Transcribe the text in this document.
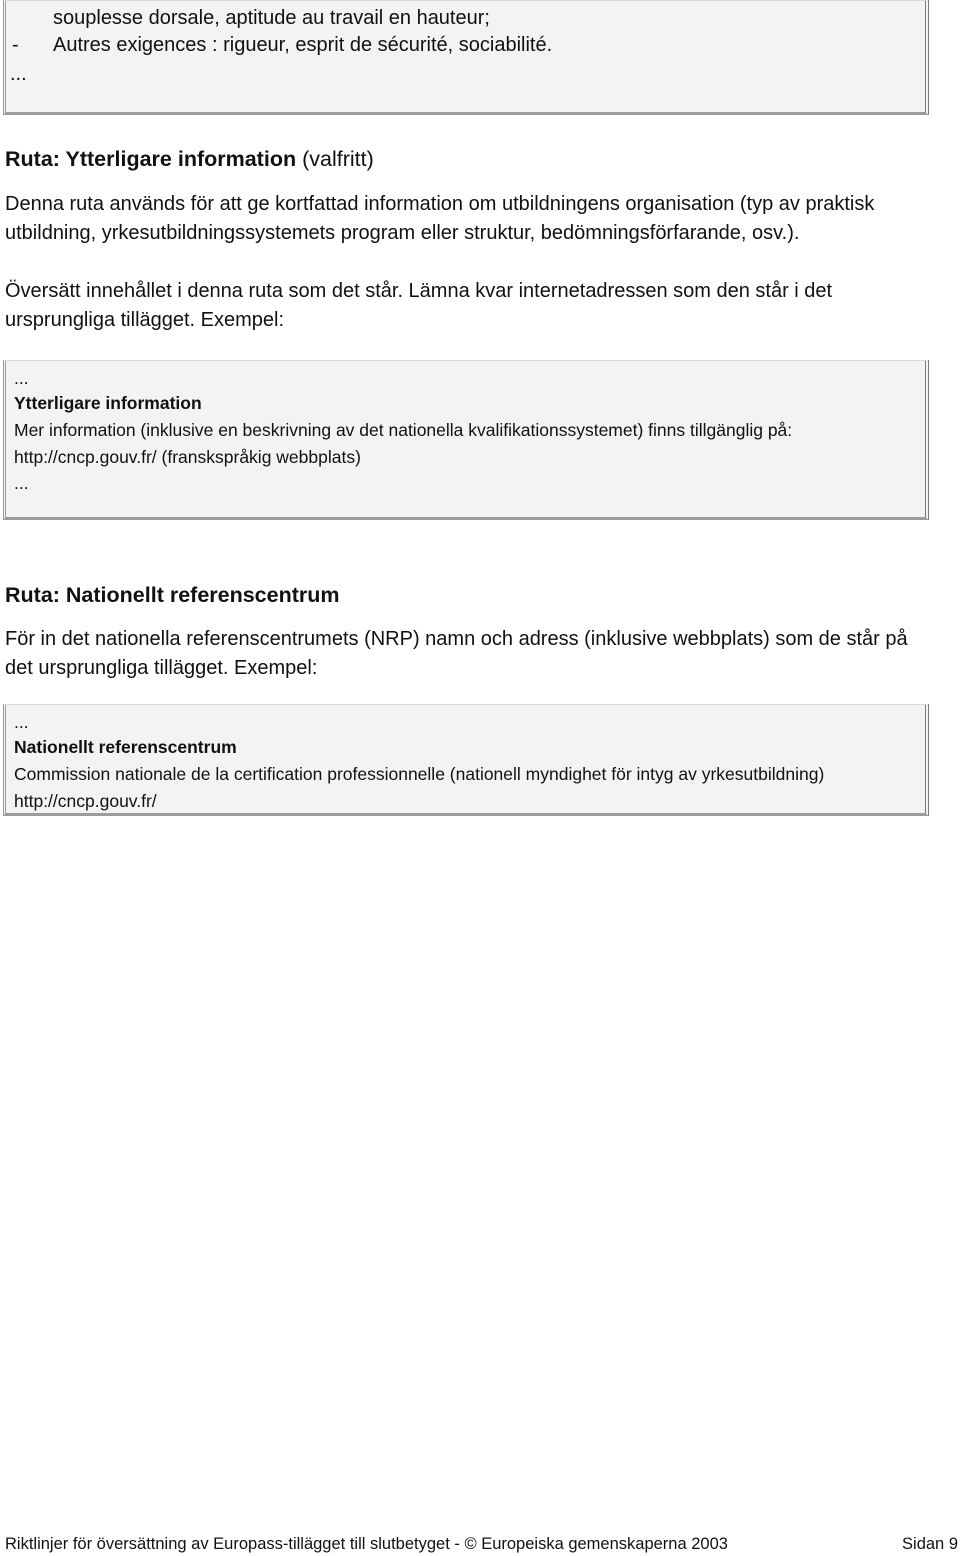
souplesse dorsale, aptitude au travail en hauteur;
- Autres exigences : rigueur, esprit de sécurité, sociabilité.
...
Ruta: Ytterligare information (valfritt)
Denna ruta används för att ge kortfattad information om utbildningens organisation (typ av praktisk
utbildning, yrkesutbildningssystemets program eller struktur, bedömningsförfarande, osv.).
Översätt innehållet i denna ruta som det står. Lämna kvar internetadressen som den står i det
ursprungliga tillägget. Exempel:
...
Ytterligare information
Mer information (inklusive en beskrivning av det nationella kvalifikationssystemet) finns tillgänglig på:
http://cncp.gouv.fr/ (franskspråkig webbplats)
...
Ruta: Nationellt referenscentrum
För in det nationella referenscentrumets (NRP) namn och adress (inklusive webbplats) som de står på
det ursprungliga tillägget. Exempel:
...
Nationellt referenscentrum
Commission nationale de la certification professionnelle (nationell myndighet för intyg av yrkesutbildning)
http://cncp.gouv.fr/
Riktlinjer för översättning av Europass-tillägget till slutbetyget - © Europeiska gemenskaperna 2003	Sidan 9
